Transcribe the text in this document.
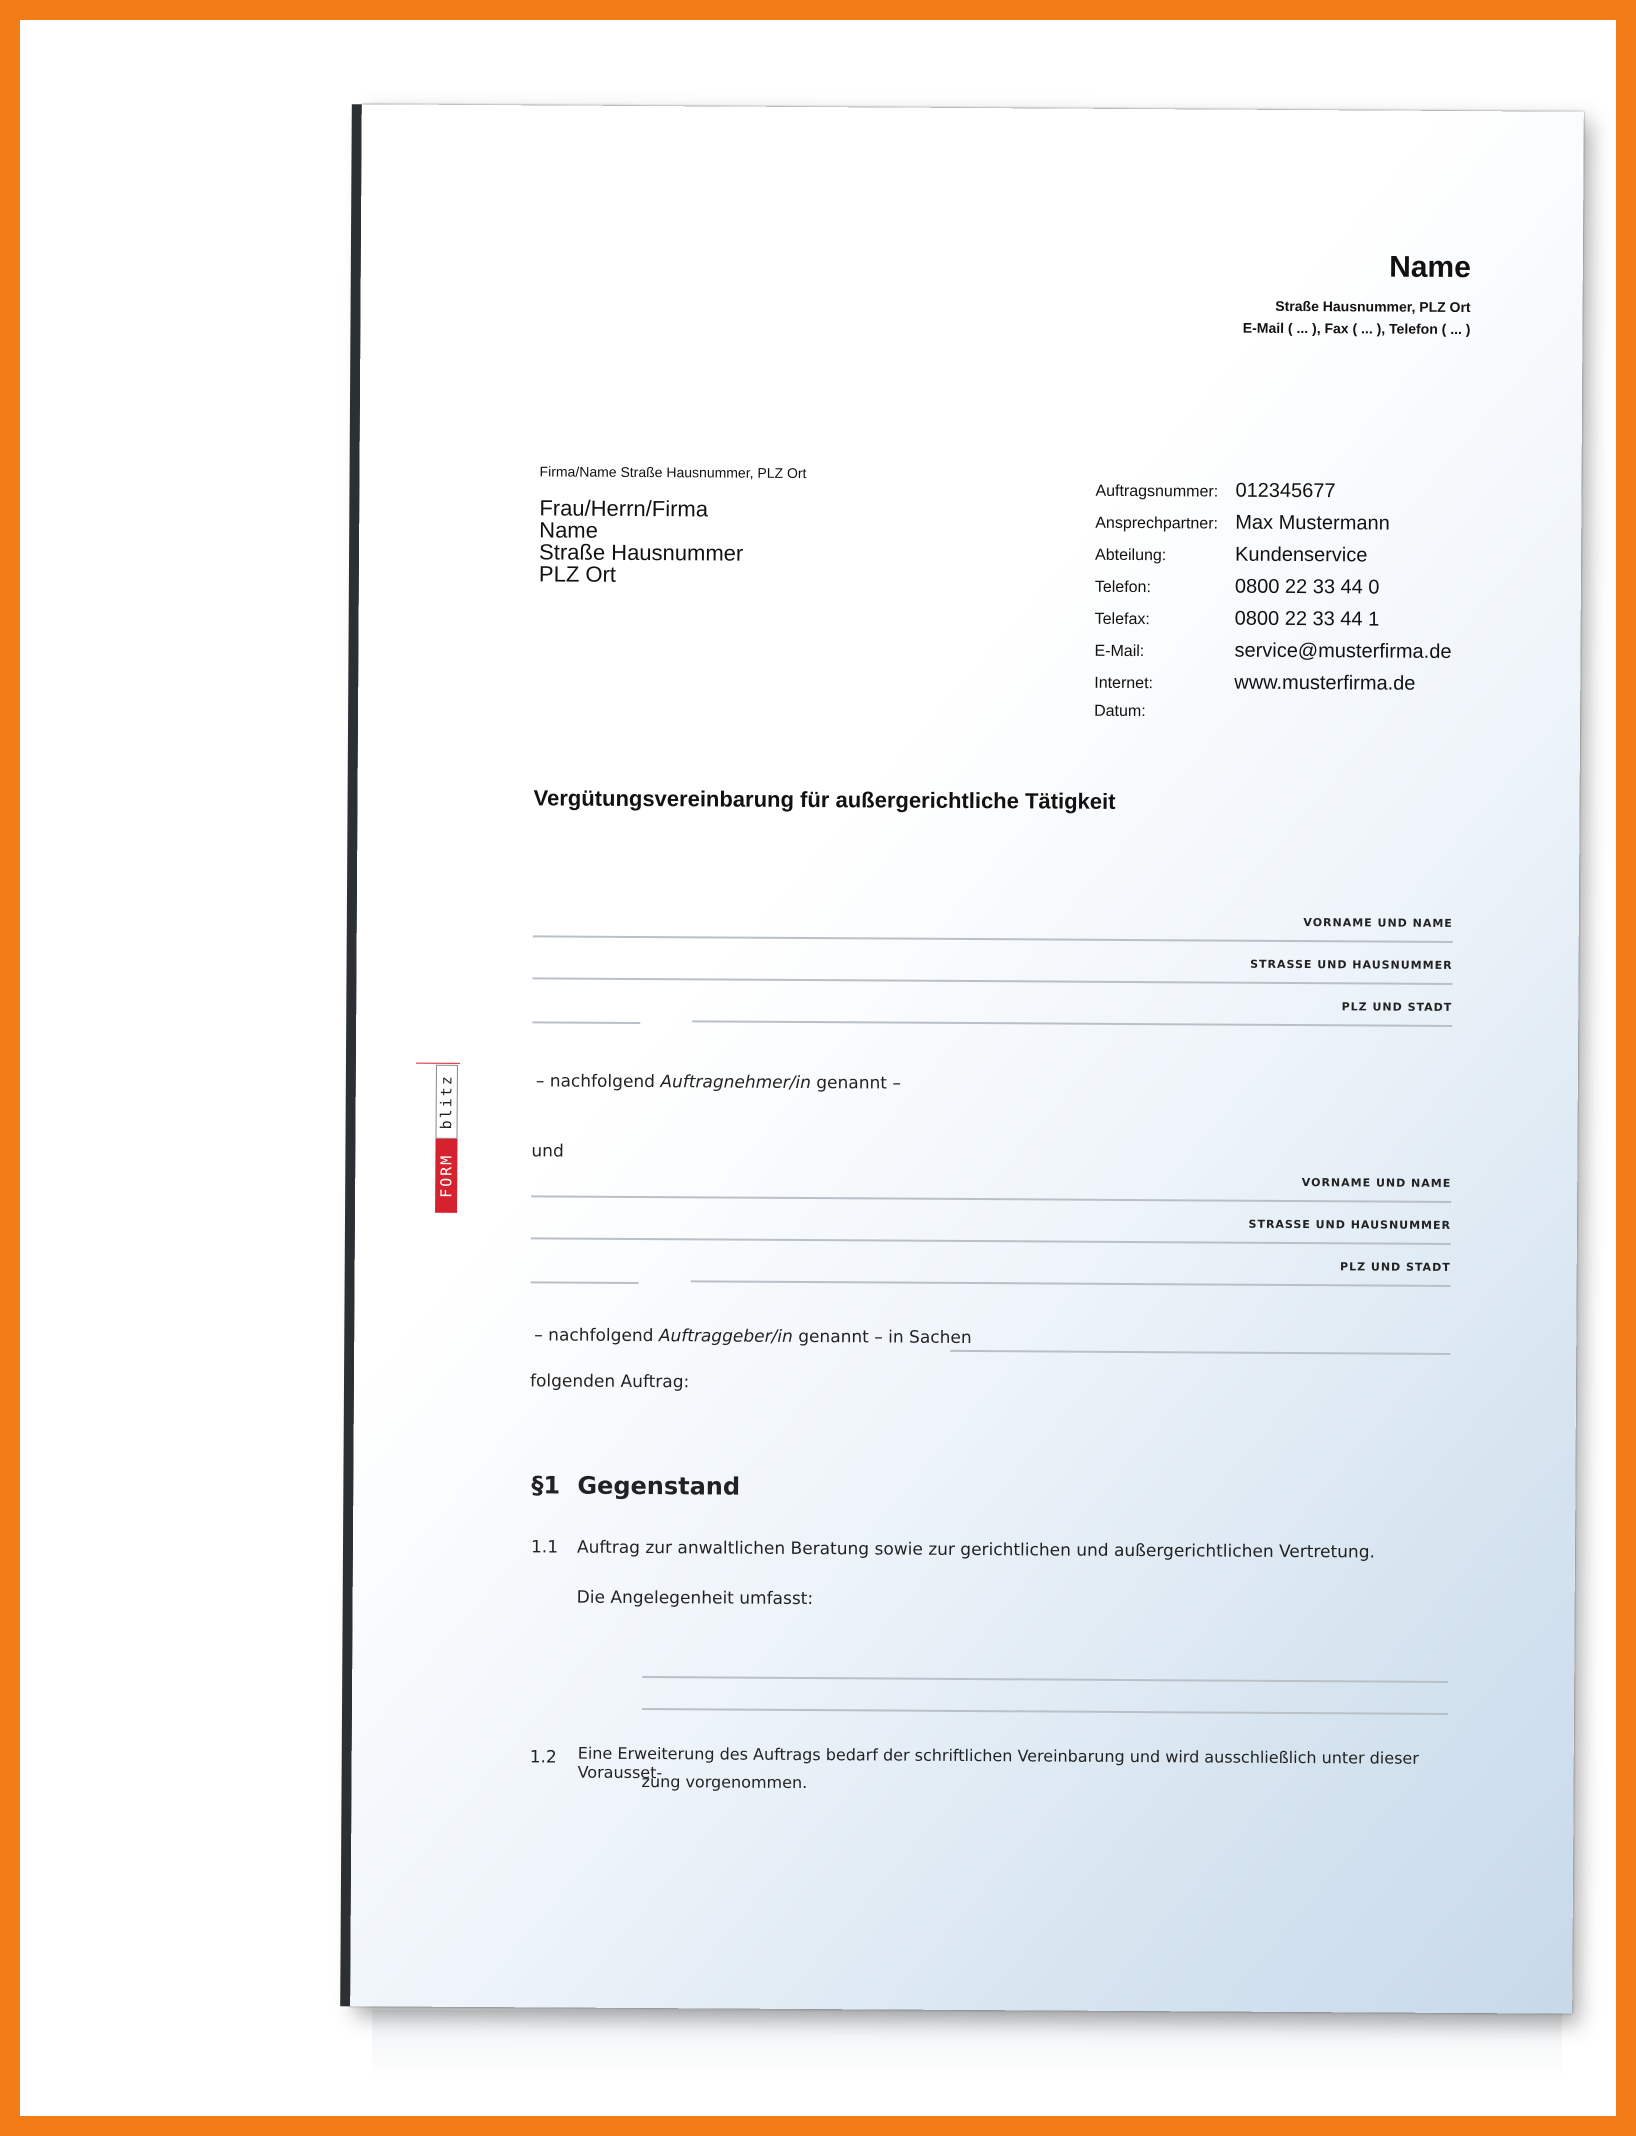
Name
Straße Hausnummer, PLZ Ort
E-Mail ( ... ), Fax ( ... ), Telefon ( ... )
Firma/Name Straße Hausnummer, PLZ Ort
Frau/Herrn/Firma
Name
Straße Hausnummer
PLZ Ort
Auftragsnummer: 012345677
Ansprechpartner: Max Mustermann
Abteilung:	Kundenservice
Telefon:	0800 22 33 44 0
Telefax:	0800 22 33 44 1
E-Mail:	service@musterfirma.de
Internet:	www.musterfirma.de
Datum:
Vergütungsvereinbarung für außergerichtliche Tätigkeit
VORNAME UND NAME
STRASSE UND HAUSNUMMER
PLZ UND STADT
– nachfolgend Auftragnehmer/in genannt –
und
VORNAME UND NAME
STRASSE UND HAUSNUMMER
PLZ UND STADT
– nachfolgend Auftraggeber/in genannt – in Sachen
folgenden Auftrag:
§1 Gegenstand
1.1 Auftrag zur anwaltlichen Beratung sowie zur gerichtlichen und außergerichtlichen Vertretung.
Die Angelegenheit umfasst:
1.2 Eine Erweiterung des Auftrags bedarf der schriftlichen Vereinbarung und wird ausschließlich unter dieser Vorausset-
zung vorgenommen.
FORM
blitz
